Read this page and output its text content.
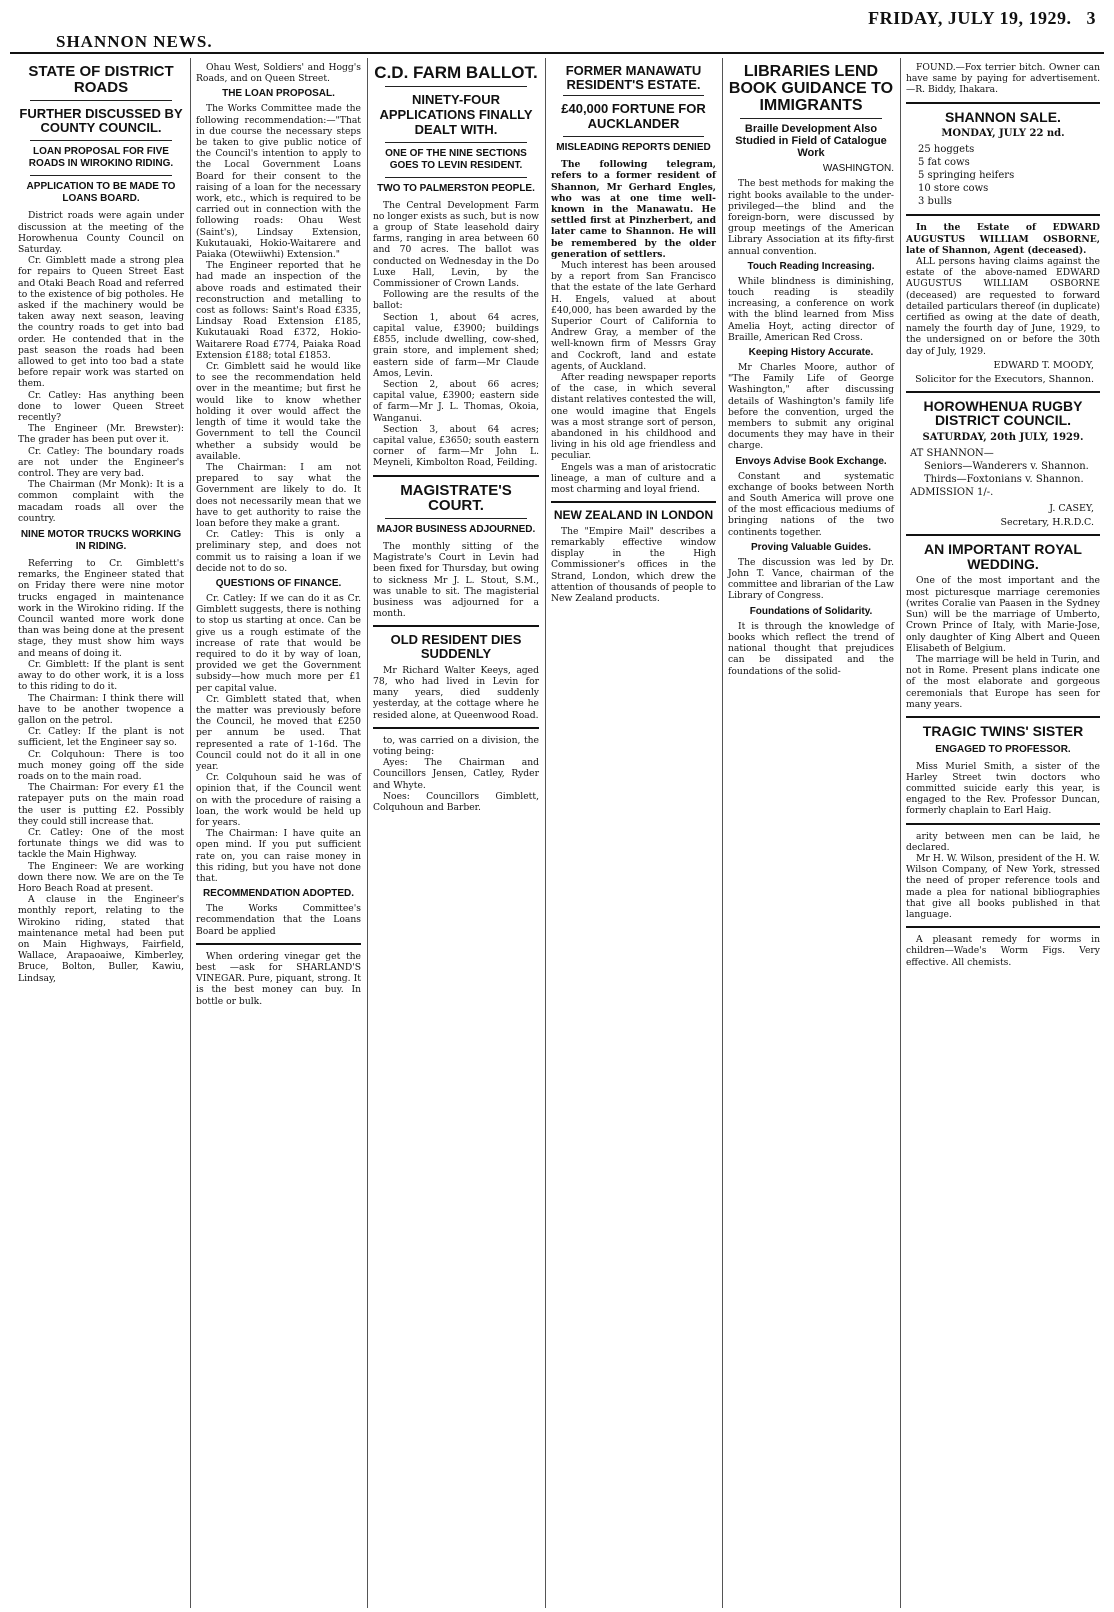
FRIDAY, JULY 19, 1929. 3
SHANNON NEWS.
STATE OF DISTRICT ROADS
FURTHER DISCUSSED BY COUNTY COUNCIL.
LOAN PROPOSAL FOR FIVE ROADS IN WIROKINO RIDING.
APPLICATION TO BE MADE TO LOANS BOARD.

District roads were again under discussion at the meeting of the Horowhenua County Council on Saturday.

Cr. Gimblett made a strong plea for repairs to Queen Street East and Otaki Beach Road and referred to the existence of big potholes. He asked if the machinery would be taken away next season, leaving the country roads to get into bad order. He contended that in the past season the roads had been allowed to get into too bad a state before repair work was started on them.

Cr. Catley: Has anything been done to lower Queen Street recently?

The Engineer (Mr. Brewster): The grader has been put over it.

Cr. Catley: The boundary roads are not under the Engineer's control. They are very bad.

The Chairman (Mr Monk): It is a common complaint with the macadam roads all over the country.

NINE MOTOR TRUCKS WORKING IN RIDING.

Referring to Cr. Gimblett's remarks, the Engineer stated that on Friday there were nine motor trucks engaged in maintenance work in the Wirokino riding. If the Council wanted more work done than was being done at the present stage, they must show him ways and means of doing it.

Cr. Gimblett: If the plant is sent away to do other work, it is a loss to this riding to do it.

The Chairman: I think there will have to be another twopence a gallon on the petrol.

Cr. Catley: If the plant is not sufficient, let the Engineer say so.

Cr. Colquhoun: There is too much money going off the side roads on to the main road.

The Chairman: For every £1 the ratepayer puts on the main road the user is putting £2. Possibly they could still increase that.

Cr. Catley: One of the most fortunate things we did was to tackle the Main Highway.

The Engineer: We are working down there now. We are on the Te Horo Beach Road at present.

A clause in the Engineer's monthly report, relating to the Wirokino riding, stated that maintenance metal had been put on Main Highways, Fairfield, Wallace, Arapaoaiwe, Kimberley, Bruce, Bolton, Buller, Kawiu, Lindsay,

Ohau West, Soldiers' and Hogg's Roads, and on Queen Street.

THE LOAN PROPOSAL.

The Works Committee made the following recommendation:—"That in due course the necessary steps be taken to give public notice of the Council's intention to apply to the Local Government Loans Board for their consent to the raising of a loan for the necessary work, etc., which is required to be carried out in connection with the following roads: Ohau West (Saint's), Lindsay Extension, Kukutauaki, Hokio-Waitarere and Paiaka (Otewiiwhi) Extension."

The Engineer reported that he had made an inspection of the above roads and estimated their reconstruction and metalling to cost as follows: Saint's Road £335, Lindsay Road Extension £185, Kukutauaki Road £372, Hokio-Waitarere Road £774, Paiaka Road Extension £188; total £1853.

Cr. Gimblett said he would like to see the recommendation held over in the meantime; but first he would like to know whether holding it over would affect the length of time it would take the Government to tell the Council whether a subsidy would be available.

The Chairman: I am not prepared to say what the Government are likely to do. It does not necessarily mean that we have to get authority to raise the loan before they make a grant.

Cr. Catley: This is only a preliminary step, and does not commit us to raising a loan if we decide not to do so.

QUESTIONS OF FINANCE.

Cr. Catley: If we can do it as Cr. Gimblett suggests, there is nothing to stop us starting at once. Can be give us a rough estimate of the increase of rate that would be required to do it by way of loan, provided we get the Government subsidy—how much more per £1 per capital value.

Cr. Gimblett stated that, when the matter was previously before the Council, he moved that £250 per annum be used. That represented a rate of 1-16d. The Council could not do it all in one year.

Cr. Colquhoun said he was of opinion that, if the Council went on with the procedure of raising a loan, the work would be held up for years.

The Chairman: I have quite an open mind. If you put sufficient rate on, you can raise money in this riding, but you have not done that.

RECOMMENDATION ADOPTED.

The Works Committee's recommendation that the Loans Board be applied

When ordering vinegar get the best —ask for SHARLAND'S VINEGAR. Pure, piquant, strong. It is the best money can buy. In bottle or bulk.

C.D. FARM BALLOT.
NINETY-FOUR APPLICATIONS FINALLY DEALT WITH.
ONE OF THE NINE SECTIONS GOES TO LEVIN RESIDENT.
TWO TO PALMERSTON PEOPLE.

The Central Development Farm no longer exists as such, but is now a group of State leasehold dairy farms, ranging in area between 60 and 70 acres. The ballot was conducted on Wednesday in the Do Luxe Hall, Levin, by the Commissioner of Crown Lands.

Following are the results of the ballot:

Section 1, about 64 acres, capital value, £3900; buildings £855, include dwelling, cow-shed, grain store, and implement shed; eastern side of farm—Mr Claude Amos, Levin.

Section 2, about 66 acres; capital value, £3900; eastern side of farm—Mr J. L. Thomas, Okoia, Wanganui.

Section 3, about 64 acres; capital value, £3650; south eastern corner of farm—Mr John L. Meyneli, Kimbolton Road, Feilding.

MAGISTRATE'S COURT.
MAJOR BUSINESS ADJOURNED.

The monthly sitting of the Magistrate's Court in Levin had been fixed for Thursday, but owing to sickness Mr J. L. Stout, S.M., was unable to sit. The magisterial business was adjourned for a month.

OLD RESIDENT DIES SUDDENLY

Mr Richard Walter Keeys, aged 78, who had lived in Levin for many years, died suddenly yesterday, at the cottage where he resided alone, at Queenwood Road.

to, was carried on a division, the voting being:

Ayes: The Chairman and Councillors Jensen, Catley, Ryder and Whyte.

Noes: Councillors Gimblett, Colquhoun and Barber.

FORMER MANAWATU RESIDENT'S ESTATE.
£40,000 FORTUNE FOR AUCKLANDER
MISLEADING REPORTS DENIED

The following telegram, refers to a former resident of Shannon, Mr Gerhard Engles, who was at one time well-known in the Manawatu. He settled first at Pinzherbert, and later came to Shannon. He will be remembered by the older generation of settlers.

Much interest has been aroused by a report from San Francisco that the estate of the late Gerhard H. Engels, valued at about £40,000, has been awarded by the Superior Court of California to Andrew Gray, a member of the well-known firm of Messrs Gray and Cockroft, land and estate agents, of Auckland.

After reading newspaper reports of the case, in which several distant relatives contested the will, one would imagine that Engels was a most strange sort of person, abandoned in his childhood and living in his old age friendless and peculiar.

Engels was a man of aristocratic lineage, a man of culture and a most charming and loyal friend.

NEW ZEALAND IN LONDON

The "Empire Mail" describes a remarkably effective window display in the High Commissioner's offices in the Strand, London, which drew the attention of thousands of people to New Zealand products.

LIBRARIES LEND BOOK GUIDANCE TO IMMIGRANTS
Braille Development Also Studied in Field of Catalogue Work
WASHINGTON.

The best methods for making the right books available to the under-privileged—the blind and the foreign-born, were discussed by group meetings of the American Library Association at its fifty-first annual convention.

Touch Reading Increasing.

While blindness is diminishing, touch reading is steadily increasing, a conference on work with the blind learned from Miss Amelia Hoyt, acting director of Braille, American Red Cross.

Keeping History Accurate.

Mr Charles Moore, author of "The Family Life of George Washington," after discussing details of Washington's family life before the convention, urged the members to submit any original documents they may have in their charge.

Envoys Advise Book Exchange.

Constant and systematic exchange of books between North and South America will prove one of the most efficacious mediums of bringing nations of the two continents together.

Proving Valuable Guides.

The discussion was led by Dr. John T. Vance, chairman of the committee and librarian of the Law Library of Congress.

Foundations of Solidarity.

It is through the knowledge of books which reflect the trend of national thought that prejudices can be dissipated and the foundations of the solid-

FOUND.—Fox terrier bitch. Owner can have same by paying for advertisement.—R. Biddy, Ihakara.

SHANNON SALE.
MONDAY, JULY 22 nd.
25 hoggets
5 fat cows
5 springing heifers
10 store cows
3 bulls

In the Estate of EDWARD AUGUSTUS WILLIAM OSBORNE, late of Shannon, Agent (deceased).

ALL persons having claims against the estate of the above-named EDWARD AUGUSTUS WILLIAM OSBORNE (deceased) are requested to forward detailed particulars thereof (in duplicate) certified as owing at the date of death, namely the fourth day of June, 1929, to the undersigned on or before the 30th day of July, 1929.

EDWARD T. MOODY,
Solicitor for the Executors, Shannon.
HOROWHENUA RUGBY DISTRICT COUNCIL.
SATURDAY, 20th JULY, 1929.
AT SHANNON—
Seniors—Wanderers v. Shannon.
Thirds—Foxtonians v. Shannon.
ADMISSION 1/-.
J. CASEY,
Secretary, H.R.D.C.
AN IMPORTANT ROYAL WEDDING.

One of the most important and the most picturesque marriage ceremonies (writes Coralie van Paasen in the Sydney Sun) will be the marriage of Umberto, Crown Prince of Italy, with Marie-Jose, only daughter of King Albert and Queen Elisabeth of Belgium.

The marriage will be held in Turin, and not in Rome. Present plans indicate one of the most elaborate and gorgeous ceremonials that Europe has seen for many years.

TRAGIC TWINS' SISTER
ENGAGED TO PROFESSOR.

Miss Muriel Smith, a sister of the Harley Street twin doctors who committed suicide early this year, is engaged to the Rev. Professor Duncan, formerly chaplain to Earl Haig.

arity between men can be laid, he declared.

Mr H. W. Wilson, president of the H. W. Wilson Company, of New York, stressed the need of proper reference tools and made a plea for national bibliographies that give all books published in that language.

A pleasant remedy for worms in children—Wade's Worm Figs. Very effective. All chemists.
